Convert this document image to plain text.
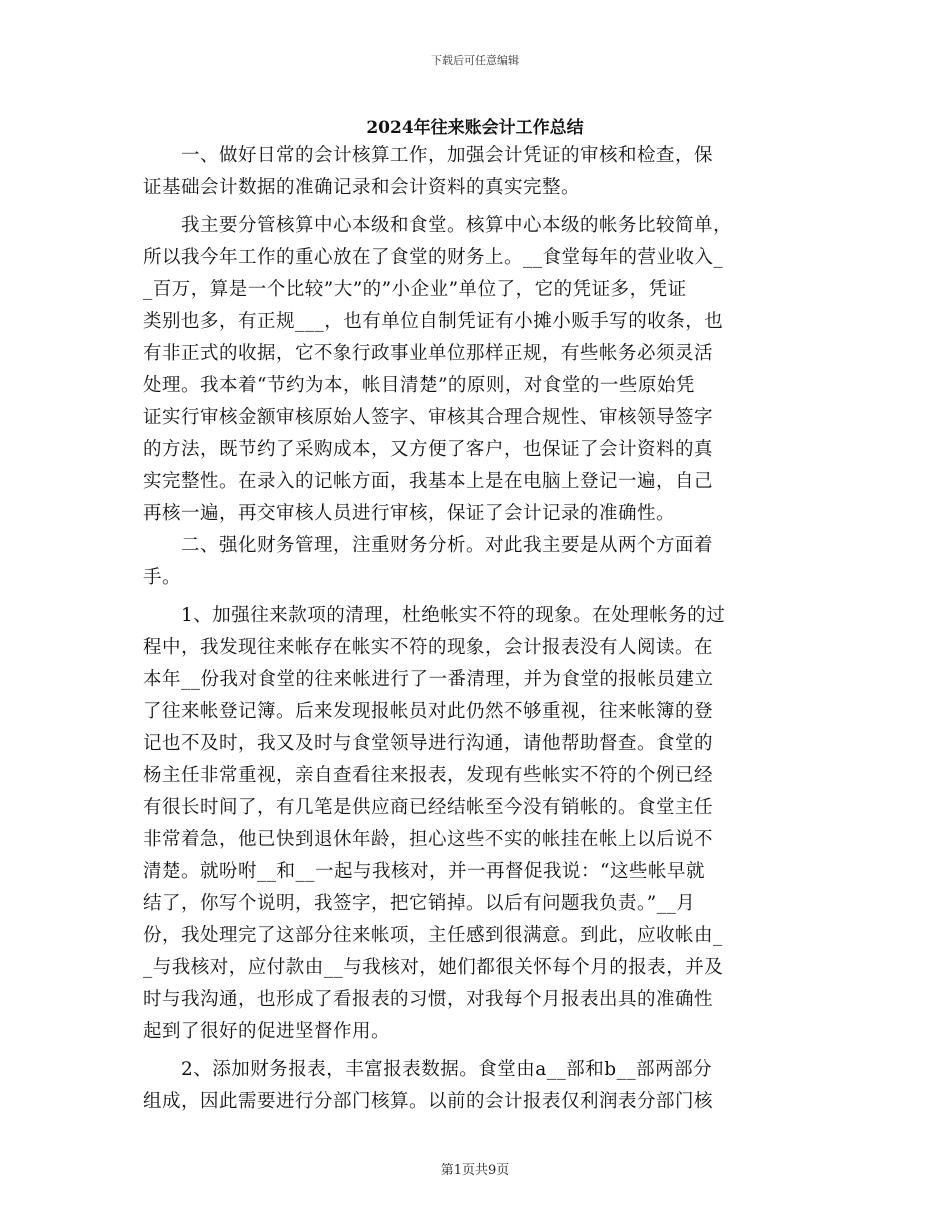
下载后可任意编辑
2024年往来账会计工作总结
一、做好日常的会计核算工作，加强会计凭证的审核和检查，保
证基础会计数据的准确记录和会计资料的真实完整。
我主要分管核算中心本级和食堂。核算中心本级的帐务比较简单，
所以我今年工作的重心放在了食堂的财务上。__食堂每年的营业收入_
_百万，算是一个比较”大”的”小企业”单位了，它的凭证多，凭证
类别也多，有正规___，也有单位自制凭证有小摊小贩手写的收条，也
有非正式的收据，它不象行政事业单位那样正规，有些帐务必须灵活
处理。我本着“节约为本，帐目清楚”的原则，对食堂的一些原始凭
证实行审核金额审核原始人签字、审核其合理合规性、审核领导签字
的方法，既节约了采购成本，又方便了客户，也保证了会计资料的真
实完整性。在录入的记帐方面，我基本上是在电脑上登记一遍，自己
再核一遍，再交审核人员进行审核，保证了会计记录的准确性。
二、强化财务管理，注重财务分析。对此我主要是从两个方面着
手。
1、加强往来款项的清理，杜绝帐实不符的现象。在处理帐务的过
程中，我发现往来帐存在帐实不符的现象，会计报表没有人阅读。在
本年__份我对食堂的往来帐进行了一番清理，并为食堂的报帐员建立
了往来帐登记簿。后来发现报帐员对此仍然不够重视，往来帐簿的登
记也不及时，我又及时与食堂领导进行沟通，请他帮助督查。食堂的
杨主任非常重视，亲自查看往来报表，发现有些帐实不符的个例已经
有很长时间了，有几笔是供应商已经结帐至今没有销帐的。食堂主任
非常着急，他已快到退休年龄，担心这些不实的帐挂在帐上以后说不
清楚。就吩咐__和__一起与我核对，并一再督促我说：“这些帐早就
结了，你写个说明，我签字，把它销掉。以后有问题我负责。”__月
份，我处理完了这部分往来帐项，主任感到很满意。到此，应收帐由_
_与我核对，应付款由__与我核对，她们都很关怀每个月的报表，并及
时与我沟通，也形成了看报表的习惯，对我每个月报表出具的准确性
起到了很好的促进坚督作用。
2、添加财务报表，丰富报表数据。食堂由a__部和b__部两部分
组成，因此需要进行分部门核算。以前的会计报表仅利润表分部门核
第1页共9页
